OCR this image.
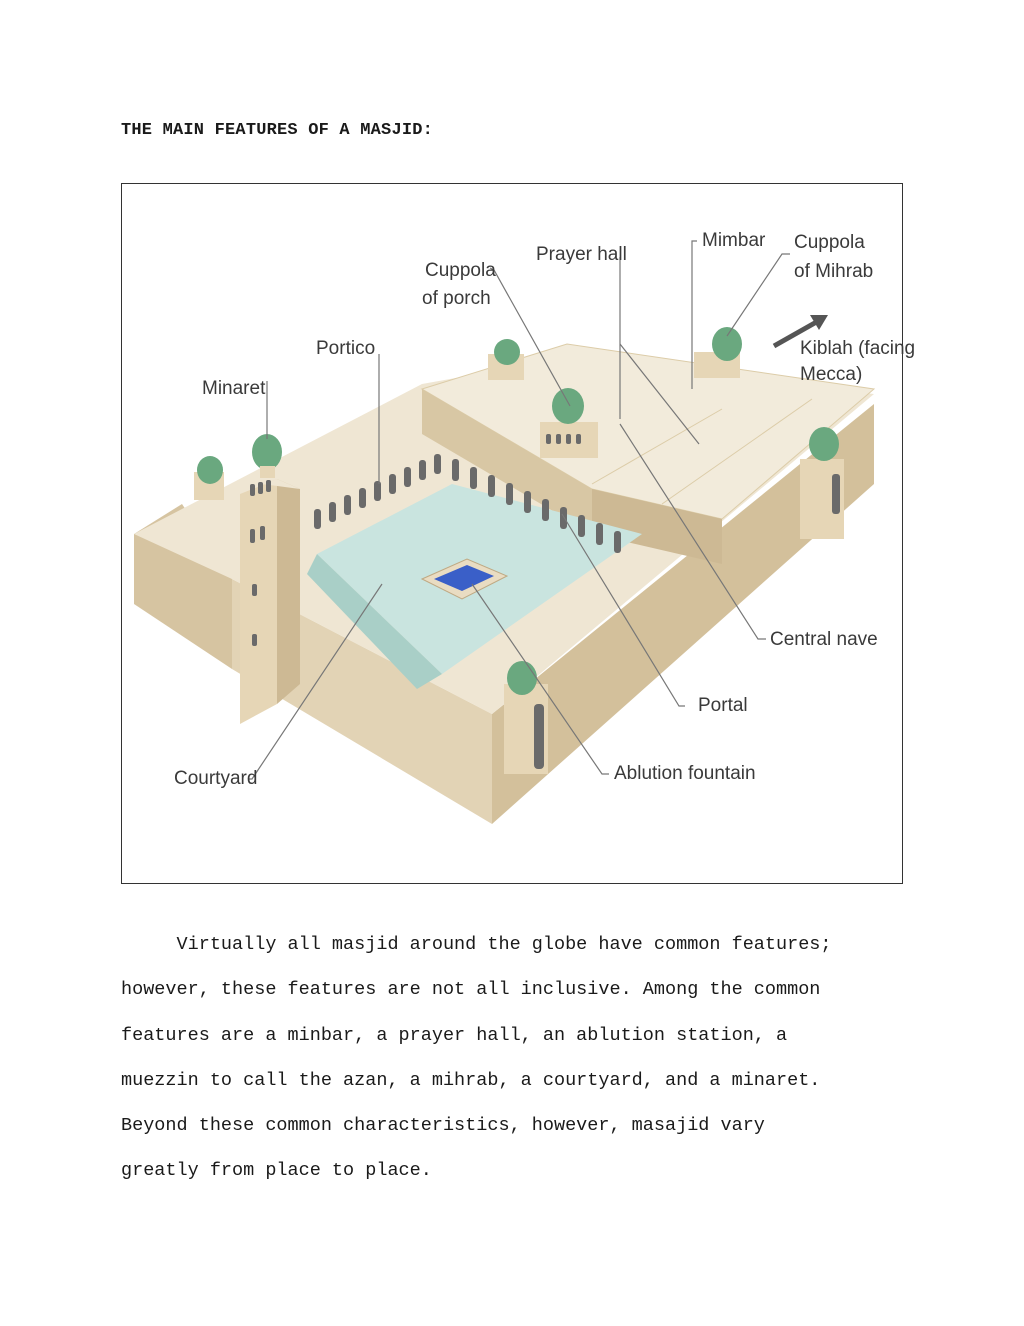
THE MAIN FEATURES OF A MASJID:
Prayer hall
Mimbar Cuppola
of Mihrab
Cuppola
of porch
Portico
Minaret
Kiblah (facing
Mecca)
Central nave
Portal
Ablution fountain
Courtyard
Virtually all masjid around the globe have common features;
however, these features are not all inclusive. Among the common
features are a minbar, a prayer hall, an ablution station, a
muezzin to call the azan, a mihrab, a courtyard, and a minaret.
Beyond these common characteristics, however, masajid vary
greatly from place to place.
